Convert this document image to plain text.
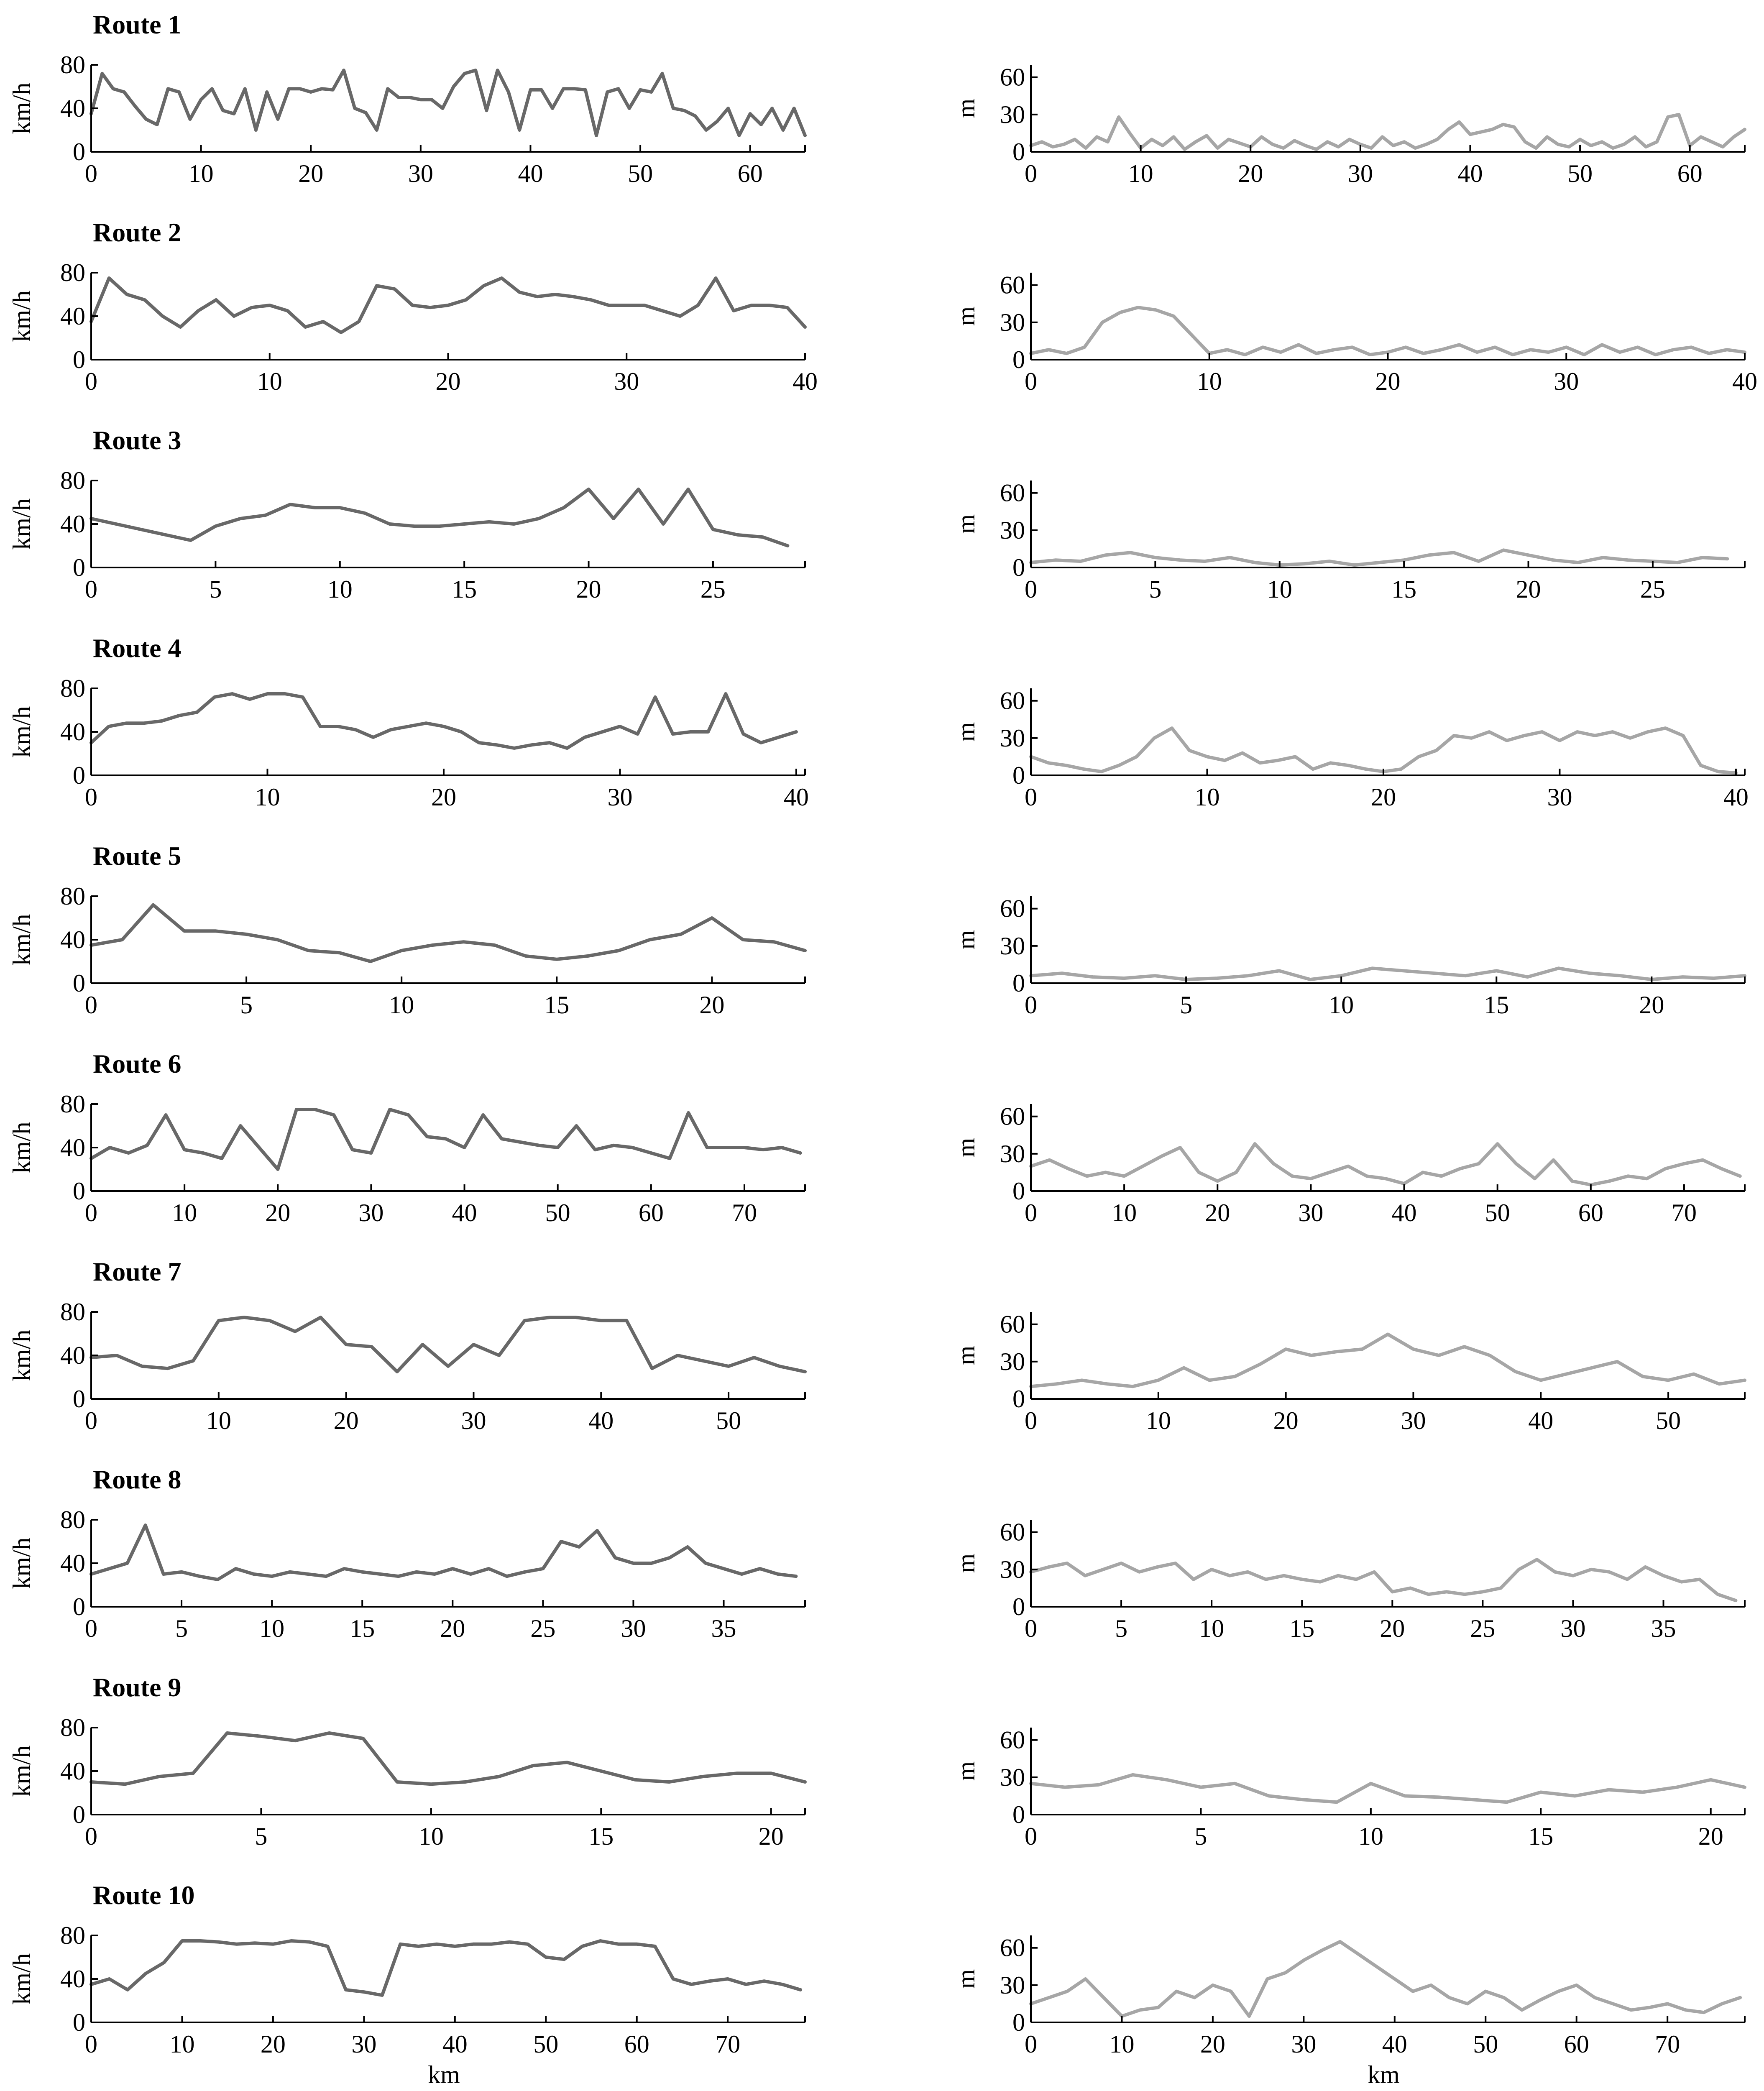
Route 1
0	10	20	30	40	50	60
0
40
80
km/h
0	10	20	30	40	50	60
0
30
60
m
Route 2
0	10	20	30	40
0
40
80
km/h
0	10	20	30	40
0
30
60
m
Route 3
0	5	10	15	20	25
0
40
80
km/h
0	5	10	15	20	25
0
30
60
m
Route 4
0	10	20	30	40
0
40
80
km/h
0	10	20	30	40
0
30
60
m
Route 5
0	5	10	15	20
0
40
80
km/h
0	5	10	15	20
0
30
60
m
Route 6
0	10	20	30	40	50	60	70
0
40
80
km/h
0	10	20	30	40	50	60	70
0
30
60
m
Route 7
0	10	20	30	40	50
0
40
80
km/h
0	10	20	30	40	50
0
30
60
m
Route 8
0	5	10	15	20	25	30	35
0
40
80
km/h
0	5	10	15	20	25	30	35
0
30
60
m
Route 9
0	5	10	15	20
0
40
80
km/h
0	5	10	15	20
0
30
60
m
Route 10
0	10	20	30	40	50	60	70
0
40
80
km/h
km
0	10	20	30	40	50	60	70
0
30
60
m
km
